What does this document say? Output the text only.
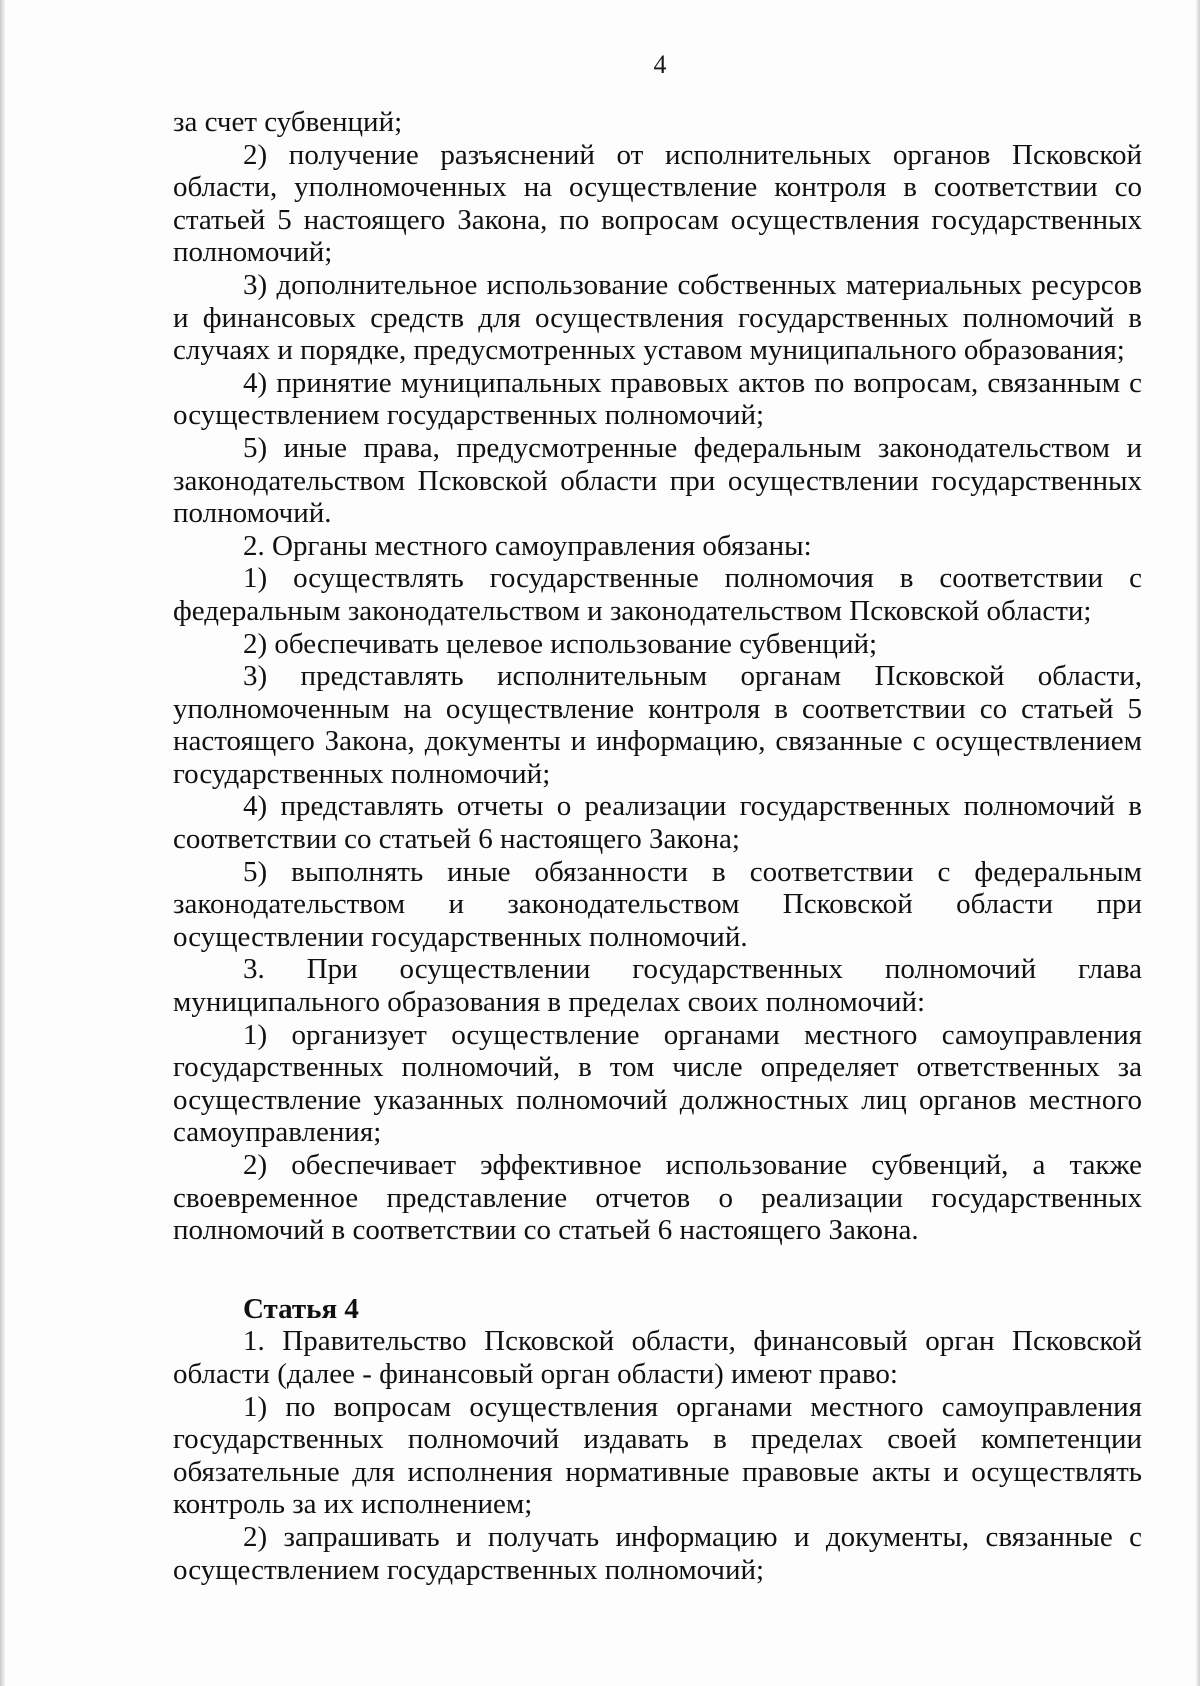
4

за счет субвенций;

2) получение разъяснений от исполнительных органов Псковской области, уполномоченных на осуществление контроля в соответствии со статьей 5 настоящего Закона, по вопросам осуществления государственных полномочий;

3) дополнительное использование собственных материальных ресурсов и финансовых средств для осуществления государственных полномочий в случаях и порядке, предусмотренных уставом муниципального образования;

4) принятие муниципальных правовых актов по вопросам, связанным с осуществлением государственных полномочий;

5) иные права, предусмотренные федеральным законодательством и законодательством Псковской области при осуществлении государственных полномочий.

2. Органы местного самоуправления обязаны:

1) осуществлять государственные полномочия в соответствии с федеральным законодательством и законодательством Псковской области;

2) обеспечивать целевое использование субвенций;

3) представлять исполнительным органам Псковской области, уполномоченным на осуществление контроля в соответствии со статьей 5 настоящего Закона, документы и информацию, связанные с осуществлением государственных полномочий;

4) представлять отчеты о реализации государственных полномочий в соответствии со статьей 6 настоящего Закона;

5) выполнять иные обязанности в соответствии с федеральным законодательством и законодательством Псковской области при осуществлении государственных полномочий.

3. При осуществлении государственных полномочий глава муниципального образования в пределах своих полномочий:

1) организует осуществление органами местного самоуправления государственных полномочий, в том числе определяет ответственных за осуществление указанных полномочий должностных лиц органов местного самоуправления;

2) обеспечивает эффективное использование субвенций, а также своевременное представление отчетов о реализации государственных полномочий в соответствии со статьей 6 настоящего Закона.

Статья 4

1. Правительство Псковской области, финансовый орган Псковской области (далее - финансовый орган области) имеют право:

1) по вопросам осуществления органами местного самоуправления государственных полномочий издавать в пределах своей компетенции обязательные для исполнения нормативные правовые акты и осуществлять контроль за их исполнением;

2) запрашивать и получать информацию и документы, связанные с осуществлением государственных полномочий;
